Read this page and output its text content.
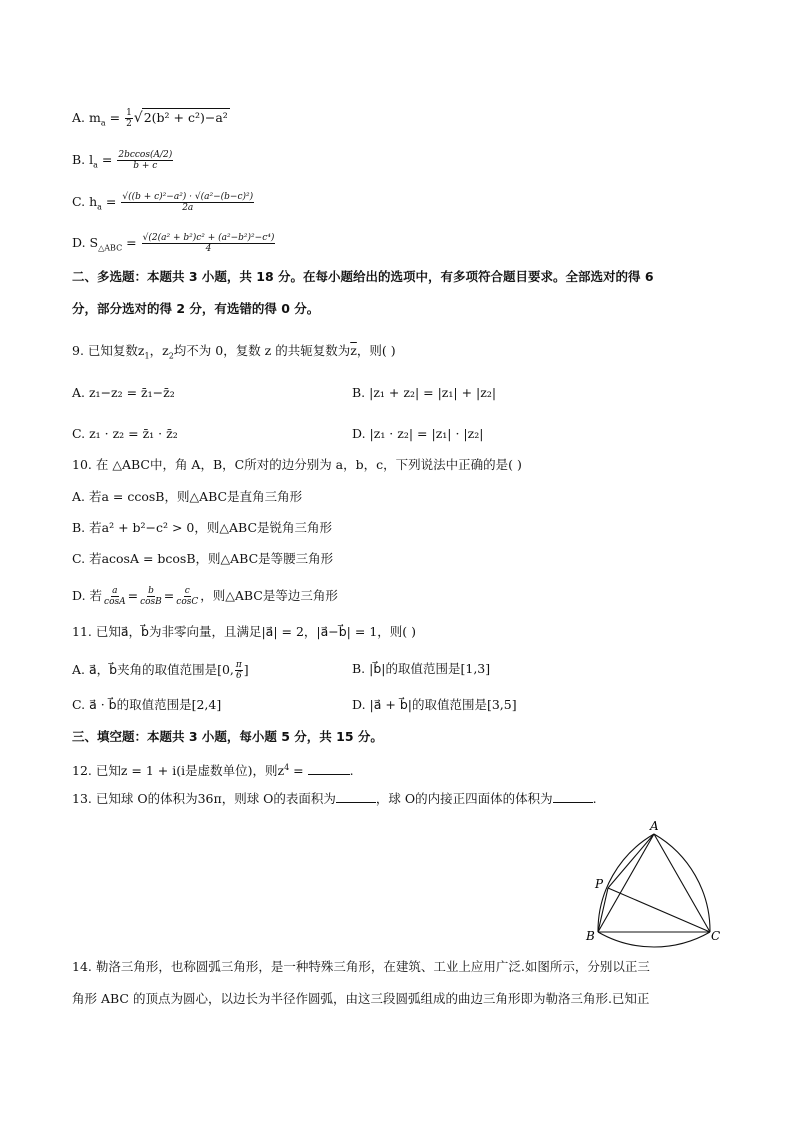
A. $m_a = \frac{1}{2} √2(b^2 + c^2)-a^2$
B. $l_a = \frac{2bccos(A/2)}{b + c}$
C. $h_a = \frac{\text{√((b + c)²−a²) · √(a²−(b−c)²)}}{2a}$
D. $S_{\triangle ABC} = \frac{\text{√(2(a² + b²)c² + (a²−b²)²−c⁴)}}{4}$
二、多选题：本题共 3 小题，共 18 分。在每小题给出的选项中，有多项符合题目要求。全部选对的得 6
分，部分选对的得 2 分，有选错的得 0 分。
9. 已知复数$z_1$，$z_2$均不为 0，复数 z 的共轭复数为$\overline{z}$，则( )
A. z₁−z₂ = z̄₁−z̄₂	B. |z₁ + z₂| = |z₁| + |z₂|
C. z₁ · z₂ = z̄₁ · z̄₂	D. |z₁ · z₂| = |z₁| · |z₂|
10. 在 △ABC中，角 A，B，C所对的边分别为 a，b，c，下列说法中正确的是( )
A. 若a = ccosB，则△ABC是直角三角形
B. 若a² + b²−c² > 0，则△ABC是锐角三角形
C. 若acosA = bcosB，则△ABC是等腰三角形
D. 若 $\frac{a}{\cos A} = \frac{b}{\cos B} = \frac{c}{\cos C}$ ，则△ABC是等边三角形
11. 已知a⃗，b⃗为非零向量，且满足|a⃗| = 2，|a⃗−b⃗| = 1，则( )
A. a⃗，b⃗夹角的取值范围是[0, $\frac{\pi}{6}$ ]	B. |b⃗|的取值范围是[1,3]
C. a⃗ · b⃗的取值范围是[2,4]	D. |a⃗ + b⃗|的取值范围是[3,5]
三、填空题：本题共 3 小题，每小题 5 分，共 15 分。
12. 已知z = 1 + i(i是虚数单位)，则$z^4$ =	.
13. 已知球 O的体积为36π，则球 O的表面积为	，球 O的内接正四面体的体积为	.
A
P
B	C
14. 勒洛三角形，也称圆弧三角形，是一种特殊三角形，在建筑、工业上应用广泛.如图所示，分别以正三
角形 ABC 的顶点为圆心，以边长为半径作圆弧，由这三段圆弧组成的曲边三角形即为勒洛三角形.已知正
